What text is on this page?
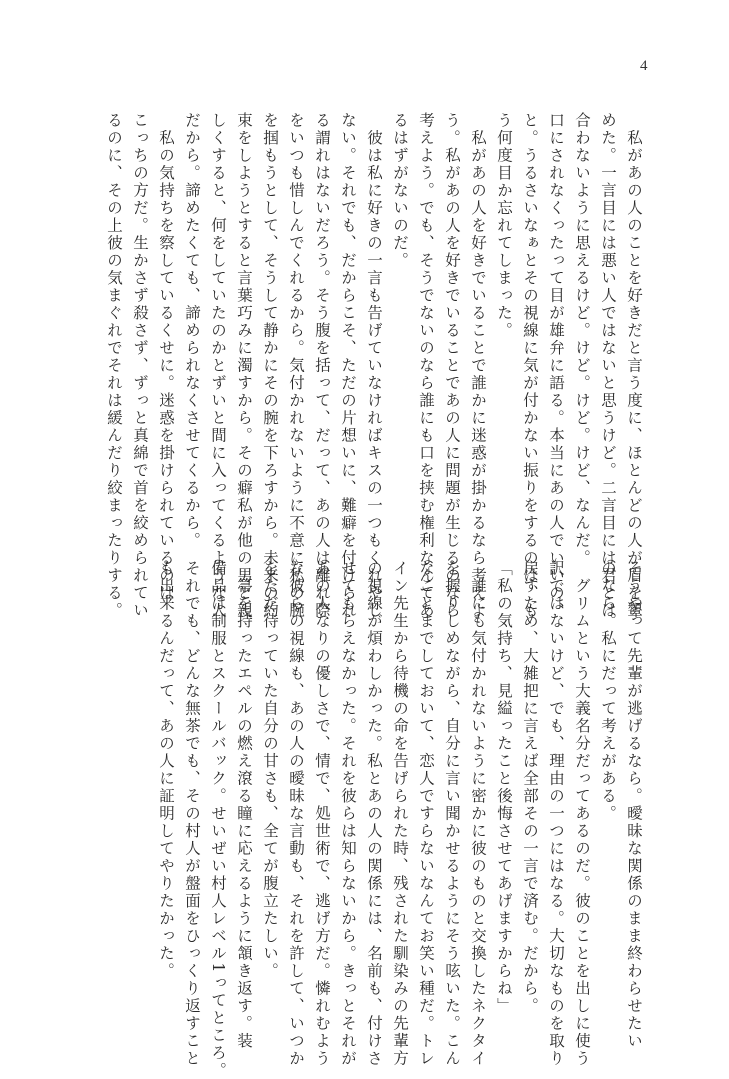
4

　私があの人のことを好きだと言う度に、ほとんどの人が眉を顰

めた。一言目には悪い人ではないと思うけど。二言目には君とは

合わないように思えるけど。けど。けど。けど、なんだ。

口にされなくったって目が雄弁に語る。本当にあの人でいいの、

と。うるさいなぁとその視線に気が付かない振りをするのは、も

う何度目か忘れてしまった。

　私があの人を好きでいることで誰かに迷惑が掛かるなら考えよ

う。私があの人を好きでいることであの人に問題が生じるのなら

考えよう。でも、そうでないのなら誰にも口を挟む権利なんてあ

るはずがないのだ。

　彼は私に好きの一言も告げていなければキスの一つもくれやし

ない。それでも、だからこそ、ただの片想いに、難癖を付けられ

る謂れはないだろう。そう腹を括って、だって、あの人は離れ際

をいつも惜しんでくれるから。気付かれないように不意に私の腕

を掴もうとして、そうして静かにその腕を下ろすから。未来の約

束をしようとすると言葉巧みに濁すから。その癖私が他の男と親

しくすると、何をしていたのかとずいと間に入ってくるような人

だから。諦めたくても、諦められなくさせてくるから。

　私の気持ちを察しているくせに。迷惑を掛けられているのは

こっちの方だ。生かさず殺さず、ずっと真綿で首を絞められてい

るのに、その上彼の気まぐれでそれは緩んだり絞まったりする。

そうやって先輩が逃げるなら。曖昧な関係のまま終わらせたい

のなら。私にだって考えがある。

　グリムという大義名分だってあるのだ。彼のことを出しに使う

訳ではないけど、でも、理由の一つにはなる。大切なものを取り

戻すため、大雑把に言えば全部その一言で済む。だから。

「私の気持ち、見縊ったこと後悔させてあげますからね」

　誰にも気付かれないように密かに彼のものと交換したネクタイ

を握りしめながら、自分に言い聞かせるようにそう呟いた。こん

なことまでしておいて、恋人ですらないなんてお笑い種だ。トレ

イン先生から待機の命を告げられた時、残された馴染みの先輩方

の視線が煩わしかった。私とあの人の関係には、名前も、付けさ

せてもらえなかった。それを彼らは知らないから。きっとそれが

あの人なりの優しさで、情で、処世術で、逃げ方だ。憐れむよう

な彼らの視線も、あの人の曖昧な言動も、それを許して、いつか

をただ待っていた自分の甘さも、全てが腹立たしい。

　箒を持ったエペルの燃え滾る瞳に応えるように頷き返す。装

備品は制服とスクールバック。せいぜい村人レベル1ってところ。

それでも、どんな無茶でも、その村人が盤面をひっくり返すこと

も出来るんだって、あの人に証明してやりたかった。
